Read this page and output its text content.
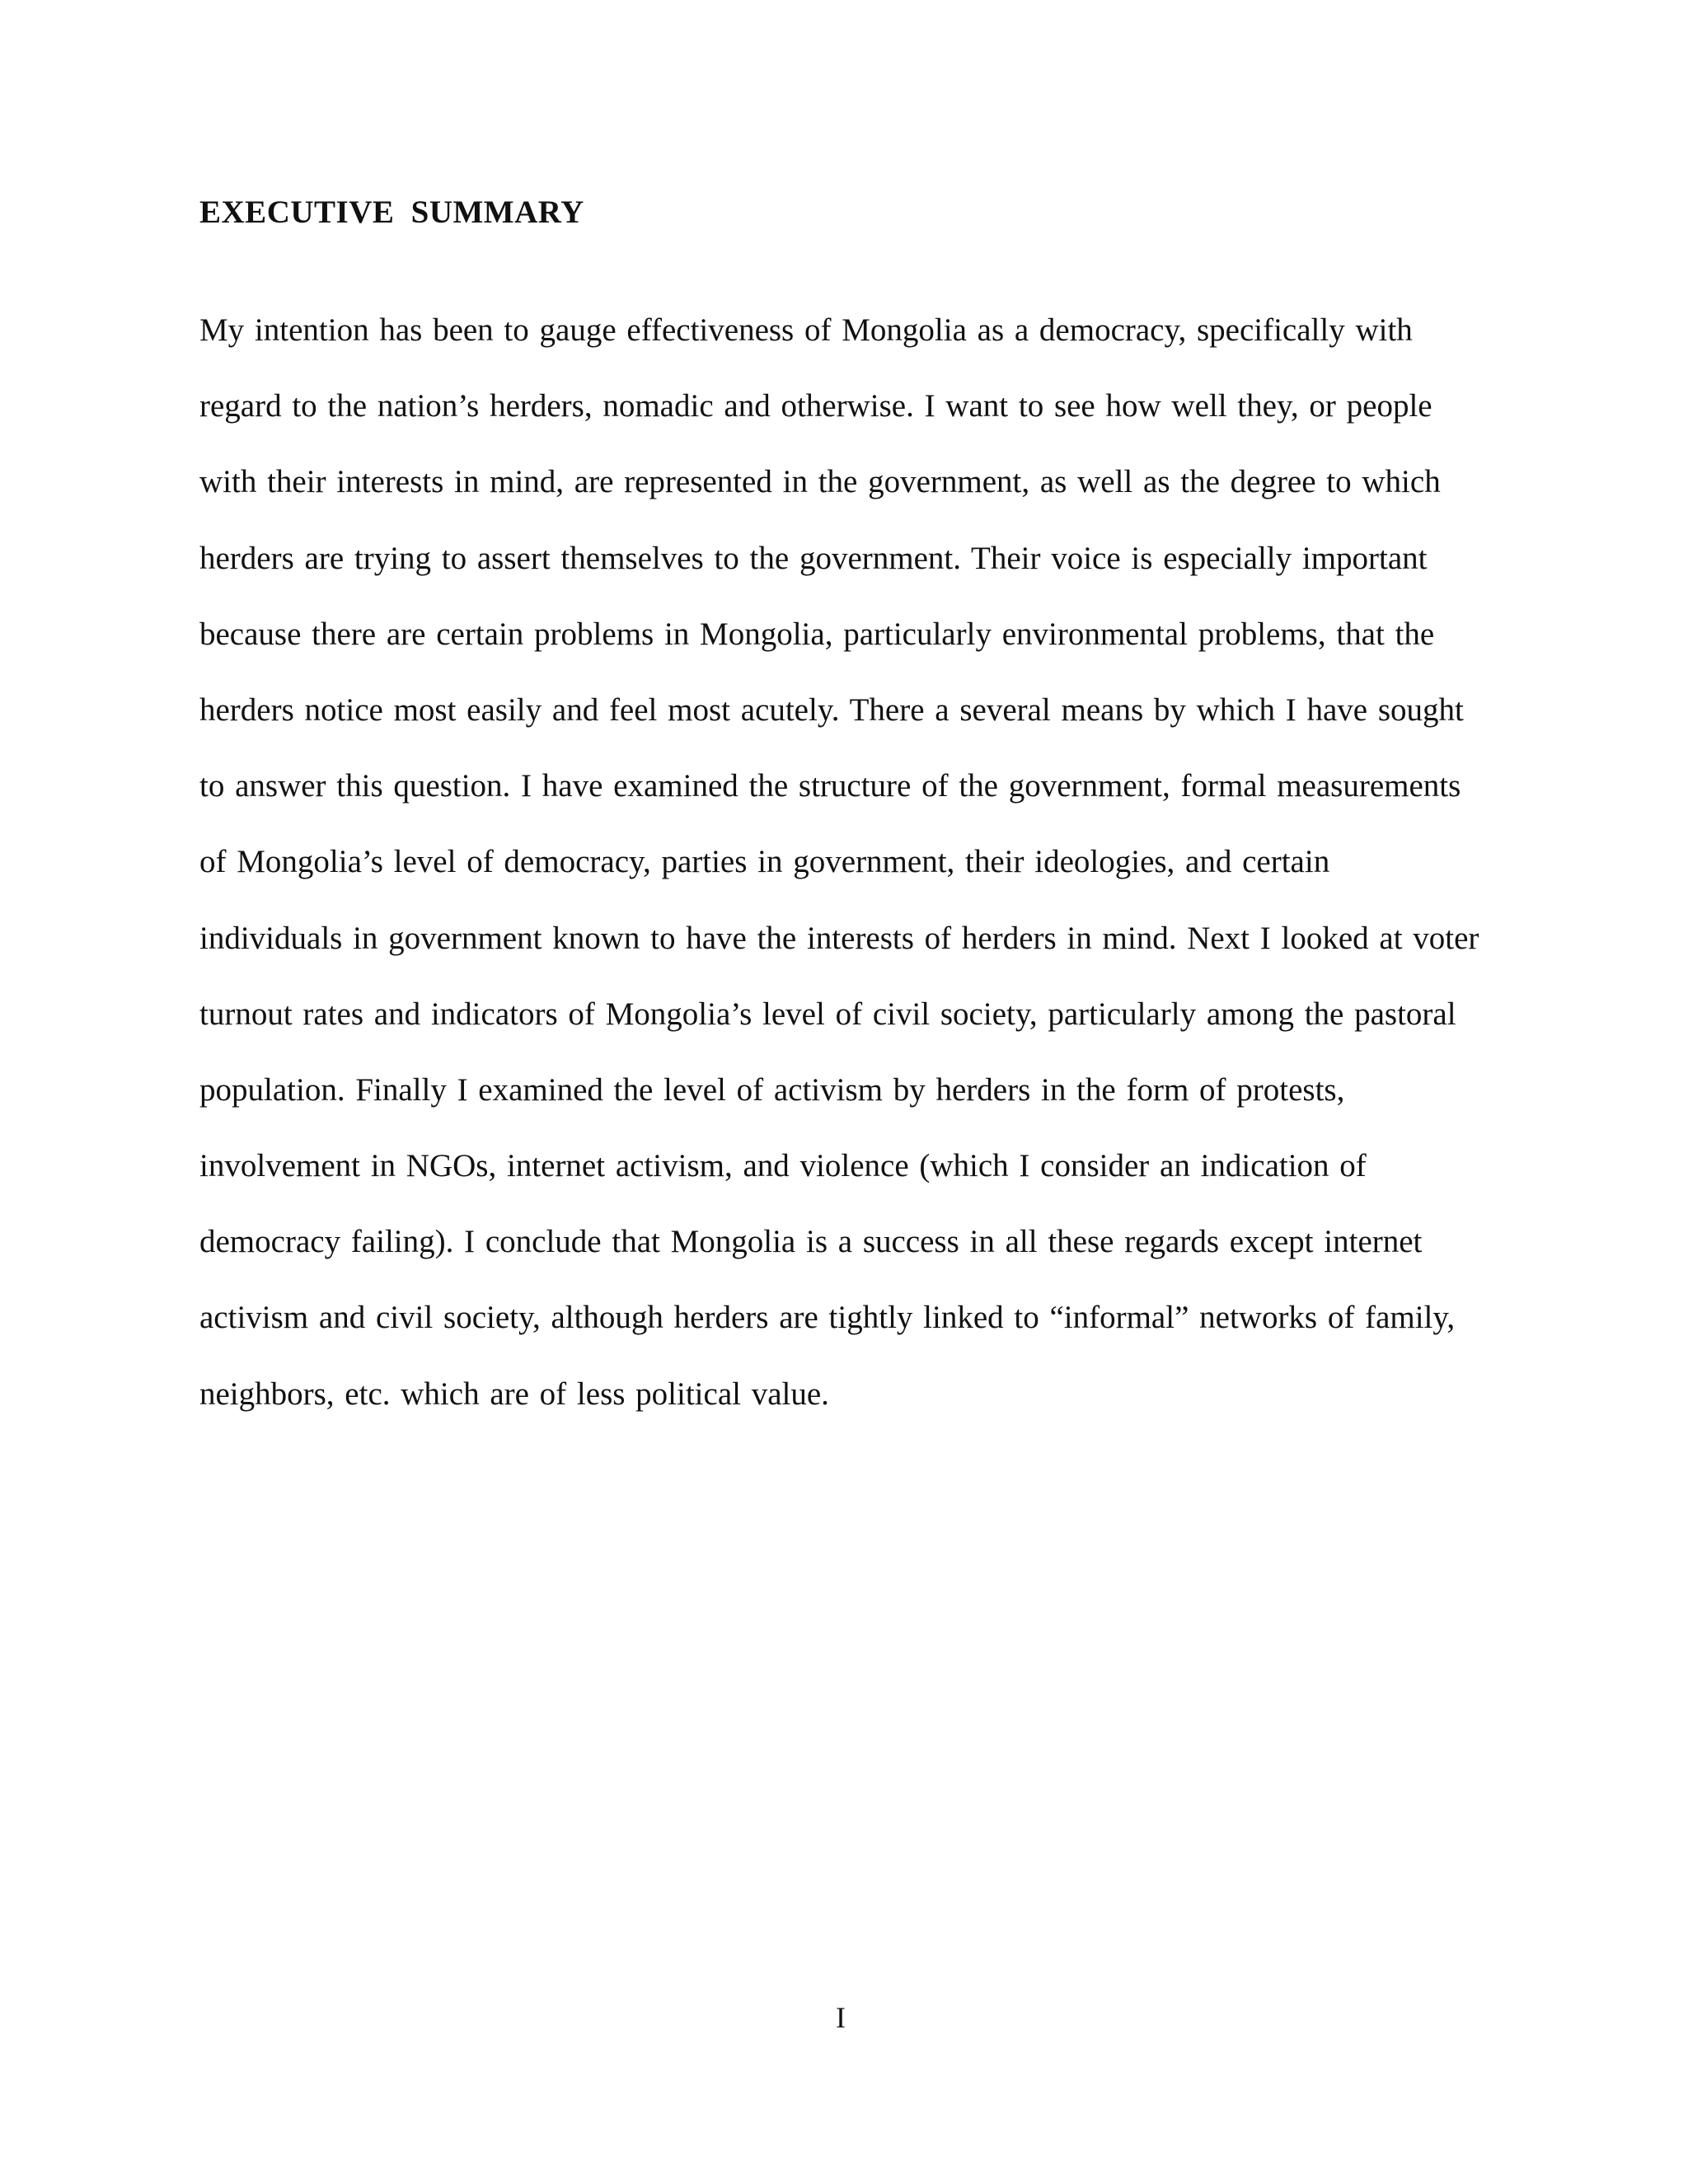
EXECUTIVE SUMMARY
My intention has been to gauge effectiveness of Mongolia as a democracy, specifically with
regard to the nation’s herders, nomadic and otherwise. I want to see how well they, or people
with their interests in mind, are represented in the government, as well as the degree to which
herders are trying to assert themselves to the government. Their voice is especially important
because there are certain problems in Mongolia, particularly environmental problems, that the
herders notice most easily and feel most acutely. There a several means by which I have sought
to answer this question. I have examined the structure of the government, formal measurements
of Mongolia’s level of democracy, parties in government, their ideologies, and certain
individuals in government known to have the interests of herders in mind. Next I looked at voter
turnout rates and indicators of Mongolia’s level of civil society, particularly among the pastoral
population. Finally I examined the level of activism by herders in the form of protests,
involvement in NGOs, internet activism, and violence (which I consider an indication of
democracy failing). I conclude that Mongolia is a success in all these regards except internet
activism and civil society, although herders are tightly linked to “informal” networks of family,
neighbors, etc. which are of less political value.
I
